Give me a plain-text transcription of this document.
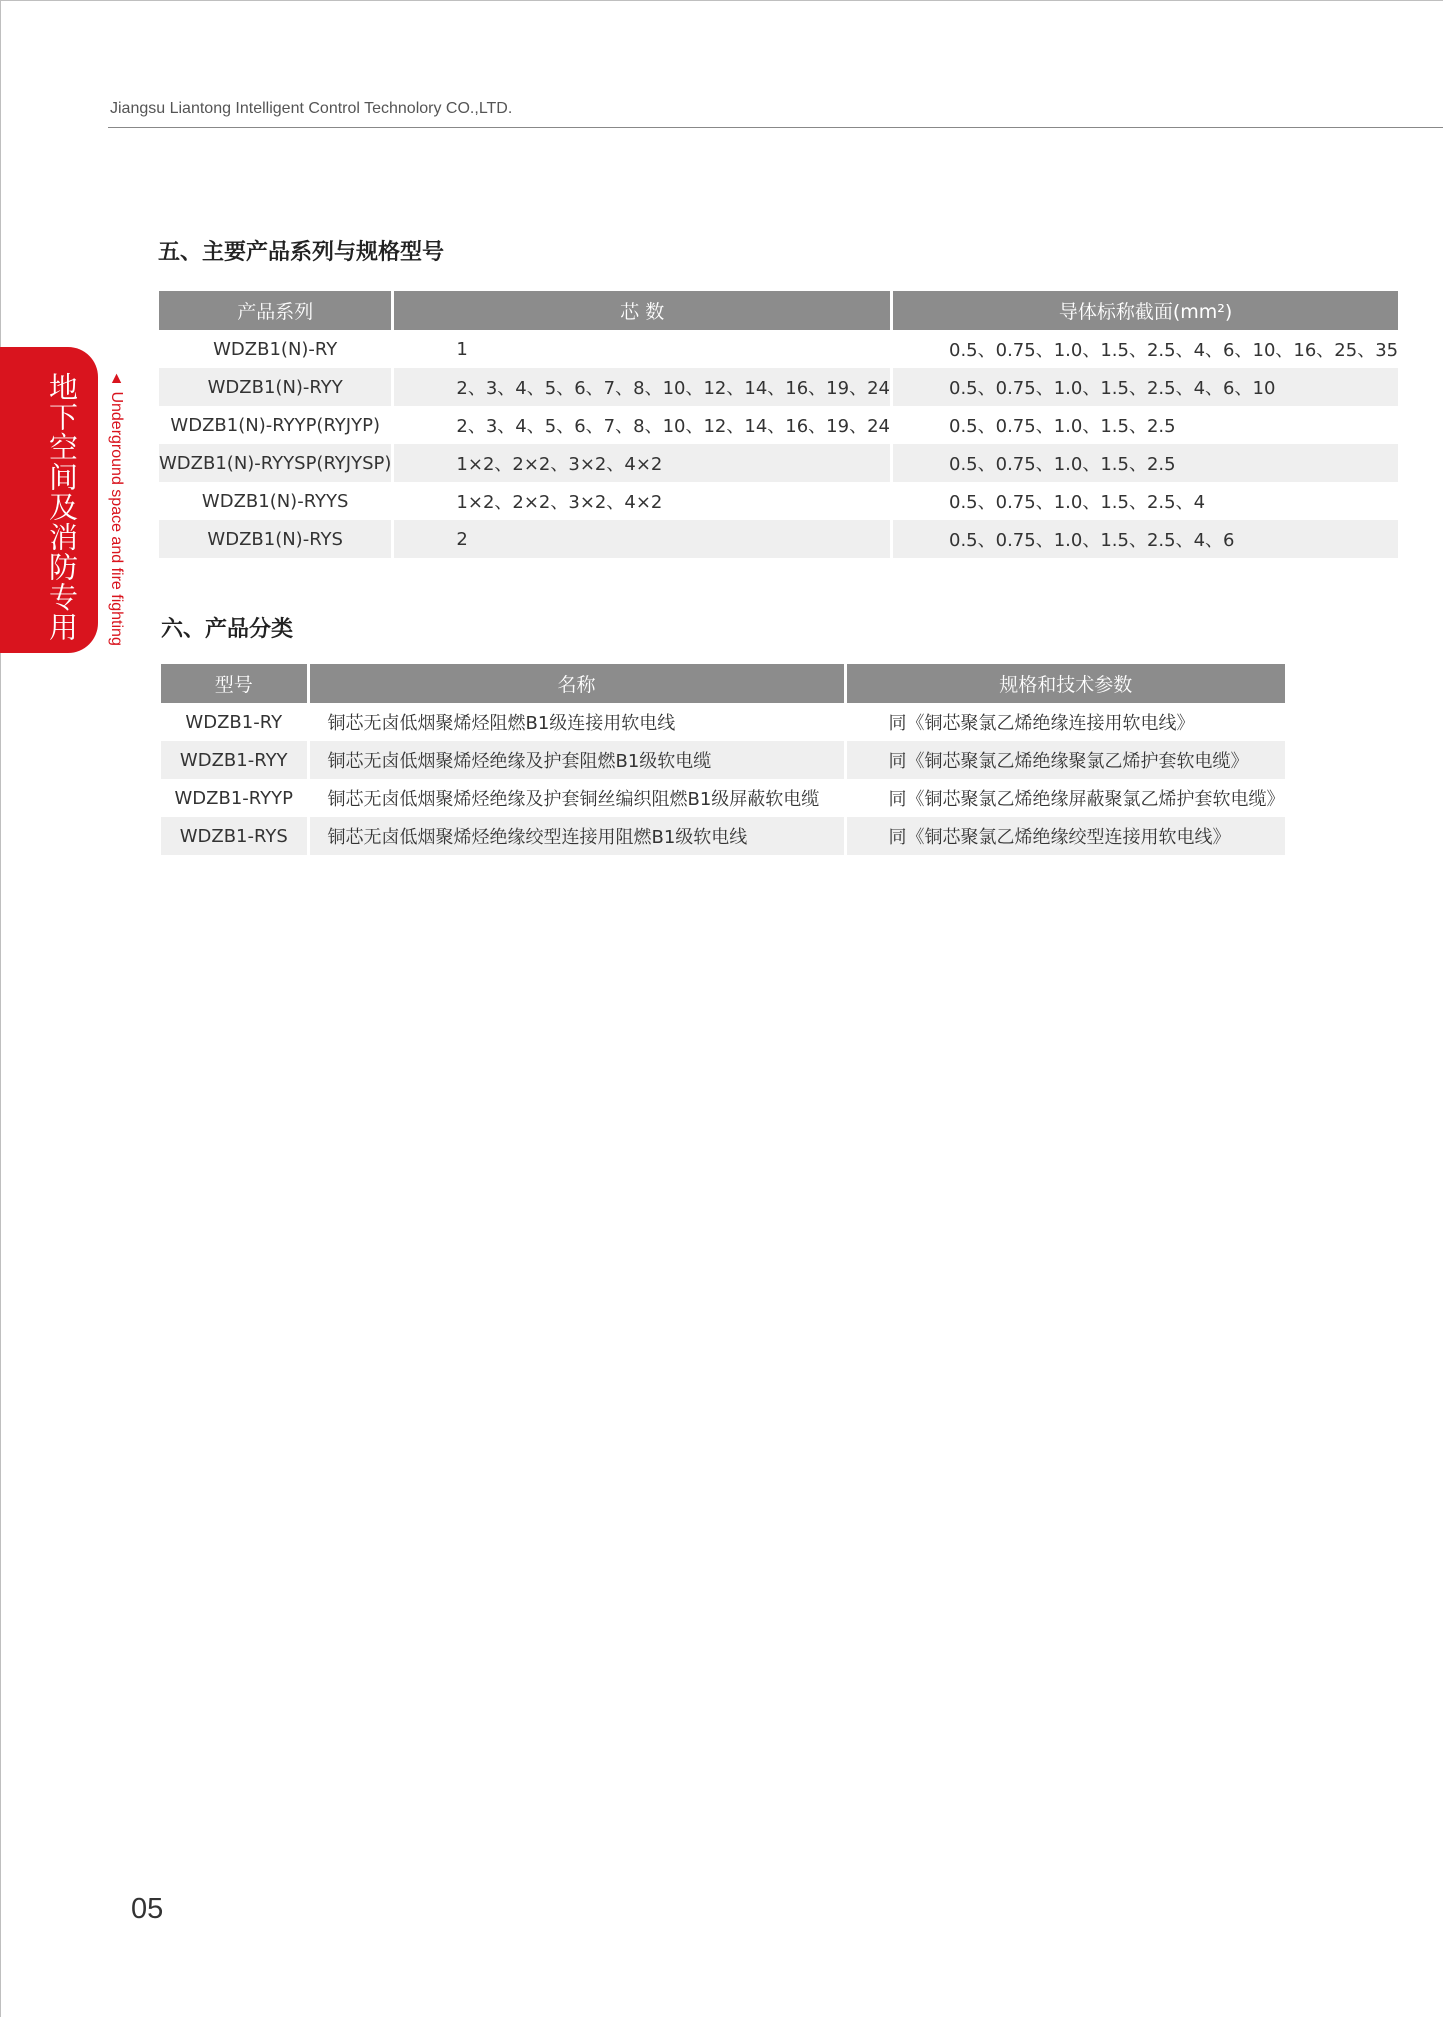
Jiangsu Liantong Intelligent Control Technolory CO.,LTD.
地下空间及消防专用 ▲ Underground space and fire fighting
五、主要产品系列与规格型号
产品系列	芯 数	导体标称截面(mm²)
WDZB1(N)-RY	1	0.5、0.75、1.0、1.5、2.5、4、6、10、16、25、35
WDZB1(N)-RYY	2、3、4、5、6、7、8、10、12、14、16、19、24	0.5、0.75、1.0、1.5、2.5、4、6、10
WDZB1(N)-RYYP(RYJYP)	2、3、4、5、6、7、8、10、12、14、16、19、24	0.5、0.75、1.0、1.5、2.5
WDZB1(N)-RYYSP(RYJYSP)	1×2、2×2、3×2、4×2	0.5、0.75、1.0、1.5、2.5
WDZB1(N)-RYYS	1×2、2×2、3×2、4×2	0.5、0.75、1.0、1.5、2.5、4
WDZB1(N)-RYS	2	0.5、0.75、1.0、1.5、2.5、4、6
六、产品分类
型号	名称	规格和技术参数
WDZB1-RY	铜芯无卤低烟聚烯烃阻燃B1级连接用软电线	同《铜芯聚氯乙烯绝缘连接用软电线》
WDZB1-RYY	铜芯无卤低烟聚烯烃绝缘及护套阻燃B1级软电缆	同《铜芯聚氯乙烯绝缘聚氯乙烯护套软电缆》
WDZB1-RYYP	铜芯无卤低烟聚烯烃绝缘及护套铜丝编织阻燃B1级屏蔽软电缆	同《铜芯聚氯乙烯绝缘屏蔽聚氯乙烯护套软电缆》
WDZB1-RYS	铜芯无卤低烟聚烯烃绝缘绞型连接用阻燃B1级软电线	同《铜芯聚氯乙烯绝缘绞型连接用软电线》
05
